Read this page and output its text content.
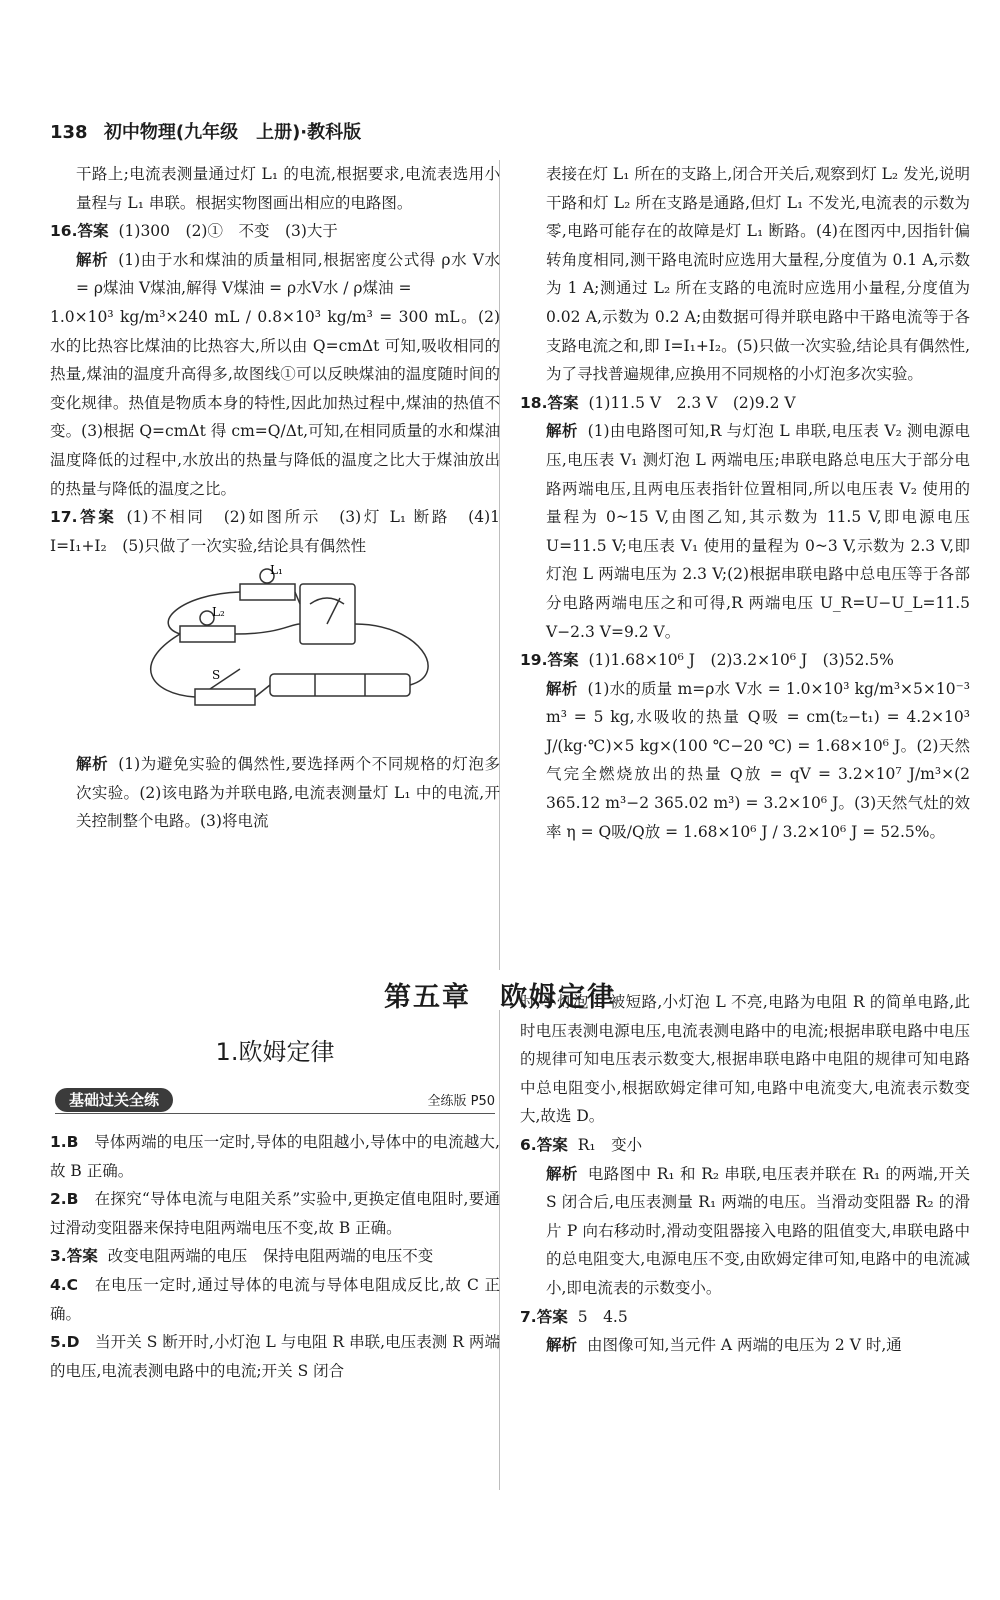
138 初中物理(九年级　上册)·教科版

干路上;电流表测量通过灯 L₁ 的电流,根据要求,电流表选用小量程与 L₁ 串联。根据实物图画出相应的电路图。

16.答案 (1)300　(2)①　不变　(3)大于

解析 (1)由于水和煤油的质量相同,根据密度公式得 ρ水 V水 = ρ煤油 V煤油,解得 V煤油 = ρ水V水 / ρ煤油 =

1.0×10³ kg/m³×240 mL / 0.8×10³ kg/m³ = 300 mL。(2)水的比热容比煤油的比热容大,所以由 Q=cmΔt 可知,吸收相同的热量,煤油的温度升高得多,故图线①可以反映煤油的温度随时间的变化规律。热值是物质本身的特性,因此加热过程中,煤油的热值不变。(3)根据 Q=cmΔt 得 cm=Q/Δt,可知,在相同质量的水和煤油温度降低的过程中,水放出的热量与降低的温度之比大于煤油放出的热量与降低的温度之比。

17.答案 (1)不相同　(2)如图所示　(3)灯 L₁ 断路　(4)1　I=I₁+I₂　(5)只做了一次实验,结论具有偶然性

L₁
L₂
S

解析 (1)为避免实验的偶然性,要选择两个不同规格的灯泡多次实验。(2)该电路为并联电路,电流表测量灯 L₁ 中的电流,开关控制整个电路。(3)将电流

表接在灯 L₁ 所在的支路上,闭合开关后,观察到灯 L₂ 发光,说明干路和灯 L₂ 所在支路是通路,但灯 L₁ 不发光,电流表的示数为零,电路可能存在的故障是灯 L₁ 断路。(4)在图丙中,因指针偏转角度相同,测干路电流时应选用大量程,分度值为 0.1 A,示数为 1 A;测通过 L₂ 所在支路的电流时应选用小量程,分度值为 0.02 A,示数为 0.2 A;由数据可得并联电路中干路电流等于各支路电流之和,即 I=I₁+I₂。(5)只做一次实验,结论具有偶然性,为了寻找普遍规律,应换用不同规格的小灯泡多次实验。

18.答案 (1)11.5 V　2.3 V　(2)9.2 V

解析 (1)由电路图可知,R 与灯泡 L 串联,电压表 V₂ 测电源电压,电压表 V₁ 测灯泡 L 两端电压;串联电路总电压大于部分电路两端电压,且两电压表指针位置相同,所以电压表 V₂ 使用的量程为 0~15 V,由图乙知,其示数为 11.5 V,即电源电压 U=11.5 V;电压表 V₁ 使用的量程为 0~3 V,示数为 2.3 V,即灯泡 L 两端电压为 2.3 V;(2)根据串联电路中总电压等于各部分电路两端电压之和可得,R 两端电压 U_R=U−U_L=11.5 V−2.3 V=9.2 V。

19.答案 (1)1.68×10⁶ J　(2)3.2×10⁶ J　(3)52.5%

解析 (1)水的质量 m=ρ水 V水 = 1.0×10³ kg/m³×5×10⁻³ m³ = 5 kg,水吸收的热量 Q吸 = cm(t₂−t₁) = 4.2×10³ J/(kg·℃)×5 kg×(100 ℃−20 ℃) = 1.68×10⁶ J。(2)天然气完全燃烧放出的热量 Q放 = qV = 3.2×10⁷ J/m³×(2 365.12 m³−2 365.02 m³) = 3.2×10⁶ J。(3)天然气灶的效率 η = Q吸/Q放 = 1.68×10⁶ J / 3.2×10⁶ J = 52.5%。

第五章　欧姆定律
1.欧姆定律
基础过关全练	全练版 P50

1.B　 导体两端的电压一定时,导体的电阻越小,导体中的电流越大,故 B 正确。

2.B　 在探究“导体电流与电阻关系”实验中,更换定值电阻时,要通过滑动变阻器来保持电阻两端电压不变,故 B 正确。

3.答案 改变电阻两端的电压　保持电阻两端的电压不变

4.C　 在电压一定时,通过导体的电流与导体电阻成反比,故 C 正确。

5.D　 当开关 S 断开时,小灯泡 L 与电阻 R 串联,电压表测 R 两端的电压,电流表测电路中的电流;开关 S 闭合

时,小灯泡 L 被短路,小灯泡 L 不亮,电路为电阻 R 的简单电路,此时电压表测电源电压,电流表测电路中的电流;根据串联电路中电压的规律可知电压表示数变大,根据串联电路中电阻的规律可知电路中总电阻变小,根据欧姆定律可知,电路中电流变大,电流表示数变大,故选 D。

6.答案 R₁　变小

解析 电路图中 R₁ 和 R₂ 串联,电压表并联在 R₁ 的两端,开关 S 闭合后,电压表测量 R₁ 两端的电压。当滑动变阻器 R₂ 的滑片 P 向右移动时,滑动变阻器接入电路的阻值变大,串联电路中的总电阻变大,电源电压不变,由欧姆定律可知,电路中的电流减小,即电流表的示数变小。

7.答案 5　4.5

解析 由图像可知,当元件 A 两端的电压为 2 V 时,通
